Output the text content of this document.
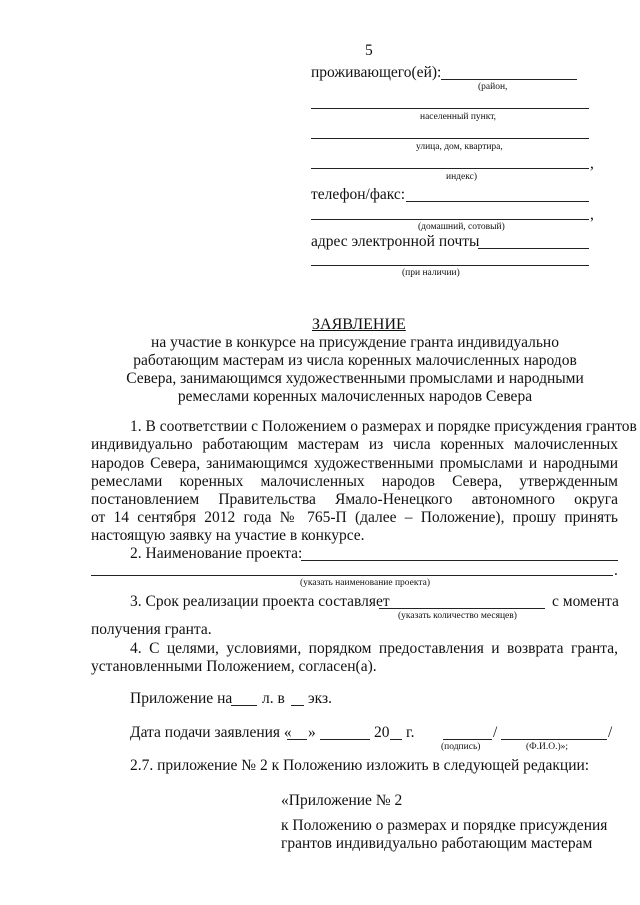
5
проживающего(ей):
(район,
населенный пункт,
улица, дом, квартира,
,
индекс)
телефон/факс:
,
(домашний, сотовый)
адрес электронной почты
(при наличии)
ЗАЯВЛЕНИЕ
на участие в конкурсе на присуждение гранта индивидуально
работающим мастерам из числа коренных малочисленных народов
Севера, занимающимся художественными промыслами и народными
ремеслами коренных малочисленных народов Севера
1. В соответствии с Положением о размерах и порядке присуждения грантов
индивидуально работающим мастерам из числа коренных малочисленных
народов Севера, занимающимся художественными промыслами и народными
ремеслами коренных малочисленных народов Севера, утвержденным
постановлением Правительства Ямало-Ненецкого автономного округа
от 14 сентября 2012 года № 765-П (далее – Положение), прошу принять
настоящую заявку на участие в конкурсе.
2. Наименование проекта:
.
(указать наименование проекта)
3. Срок реализации проекта составляет	с момента
(указать количество месяцев)
получения гранта.
4. С целями, условиями, порядком предоставления и возврата гранта,
установленными Положением, согласен(а).
Приложение на л. в экз.
Дата подачи заявления « »	20 г.	/	/
(подпись)	(Ф.И.О.)»;
2.7. приложение № 2 к Положению изложить в следующей редакции:
«Приложение № 2
к Положению о размерах и порядке присуждения
грантов индивидуально работающим мастерам
